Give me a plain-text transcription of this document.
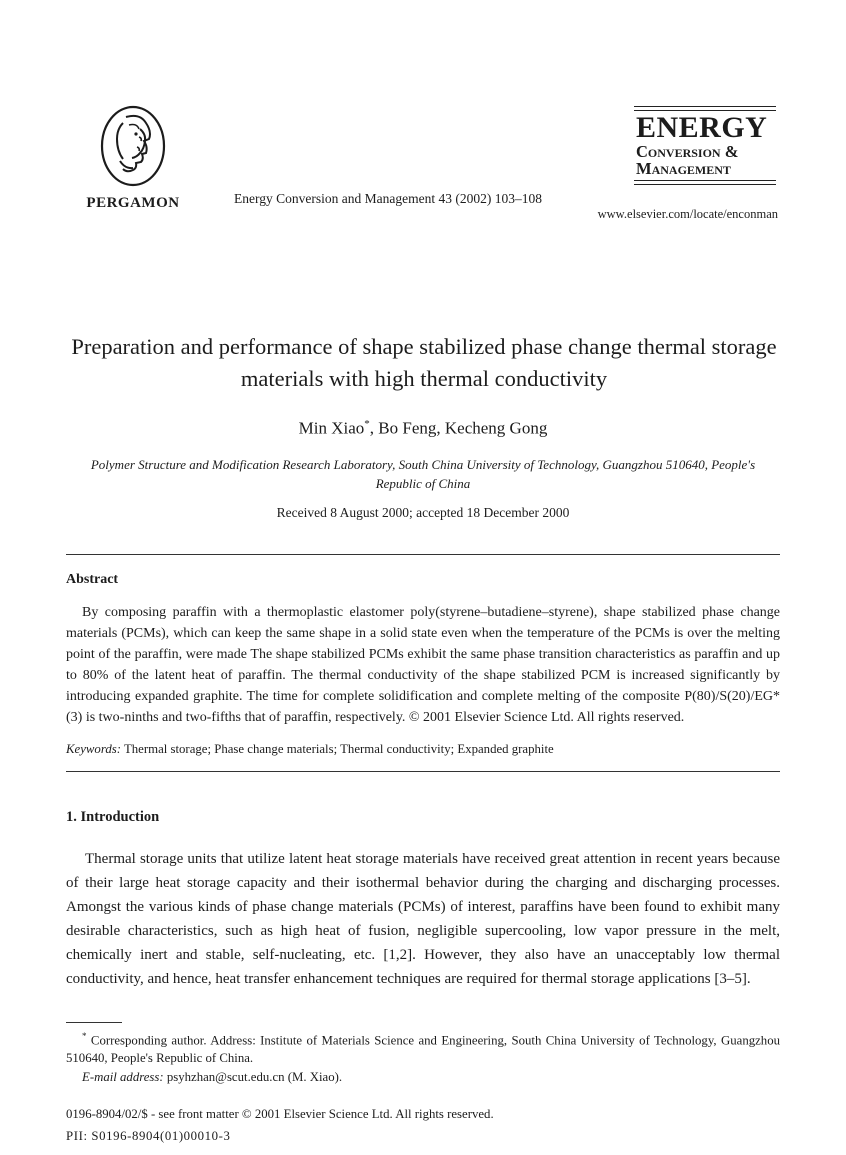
PERGAMON	Energy Conversion and Management 43 (2002) 103–108
ENERGY
Conversion &
Management
www.elsevier.com/locate/enconman
Preparation and performance of shape stabilized phase change thermal storage materials with high thermal conductivity
Min Xiao*, Bo Feng, Kecheng Gong
Polymer Structure and Modification Research Laboratory, South China University of Technology, Guangzhou 510640, People's Republic of China
Received 8 August 2000; accepted 18 December 2000
Abstract

By composing paraffin with a thermoplastic elastomer poly(styrene–butadiene–styrene), shape stabilized phase change materials (PCMs), which can keep the same shape in a solid state even when the temperature of the PCMs is over the melting point of the paraffin, were made The shape stabilized PCMs exhibit the same phase transition characteristics as paraffin and up to 80% of the latent heat of paraffin. The thermal conductivity of the shape stabilized PCM is increased significantly by introducing expanded graphite. The time for complete solidification and complete melting of the composite P(80)/S(20)/EG*(3) is two-ninths and two-fifths that of paraffin, respectively. © 2001 Elsevier Science Ltd. All rights reserved.

Keywords: Thermal storage; Phase change materials; Thermal conductivity; Expanded graphite
1. Introduction

Thermal storage units that utilize latent heat storage materials have received great attention in recent years because of their large heat storage capacity and their isothermal behavior during the charging and discharging processes. Amongst the various kinds of phase change materials (PCMs) of interest, paraffins have been found to exhibit many desirable characteristics, such as high heat of fusion, negligible supercooling, low vapor pressure in the melt, chemically inert and stable, self-nucleating, etc. [1,2]. However, they also have an unacceptably low thermal conductivity, and hence, heat transfer enhancement techniques are required for thermal storage applications [3–5].

* Corresponding author. Address: Institute of Materials Science and Engineering, South China University of Technology, Guangzhou 510640, People's Republic of China.

E-mail address: psyhzhan@scut.edu.cn (M. Xiao).

0196-8904/02/$ - see front matter © 2001 Elsevier Science Ltd. All rights reserved.
PII: S0196-8904(01)00010-3
